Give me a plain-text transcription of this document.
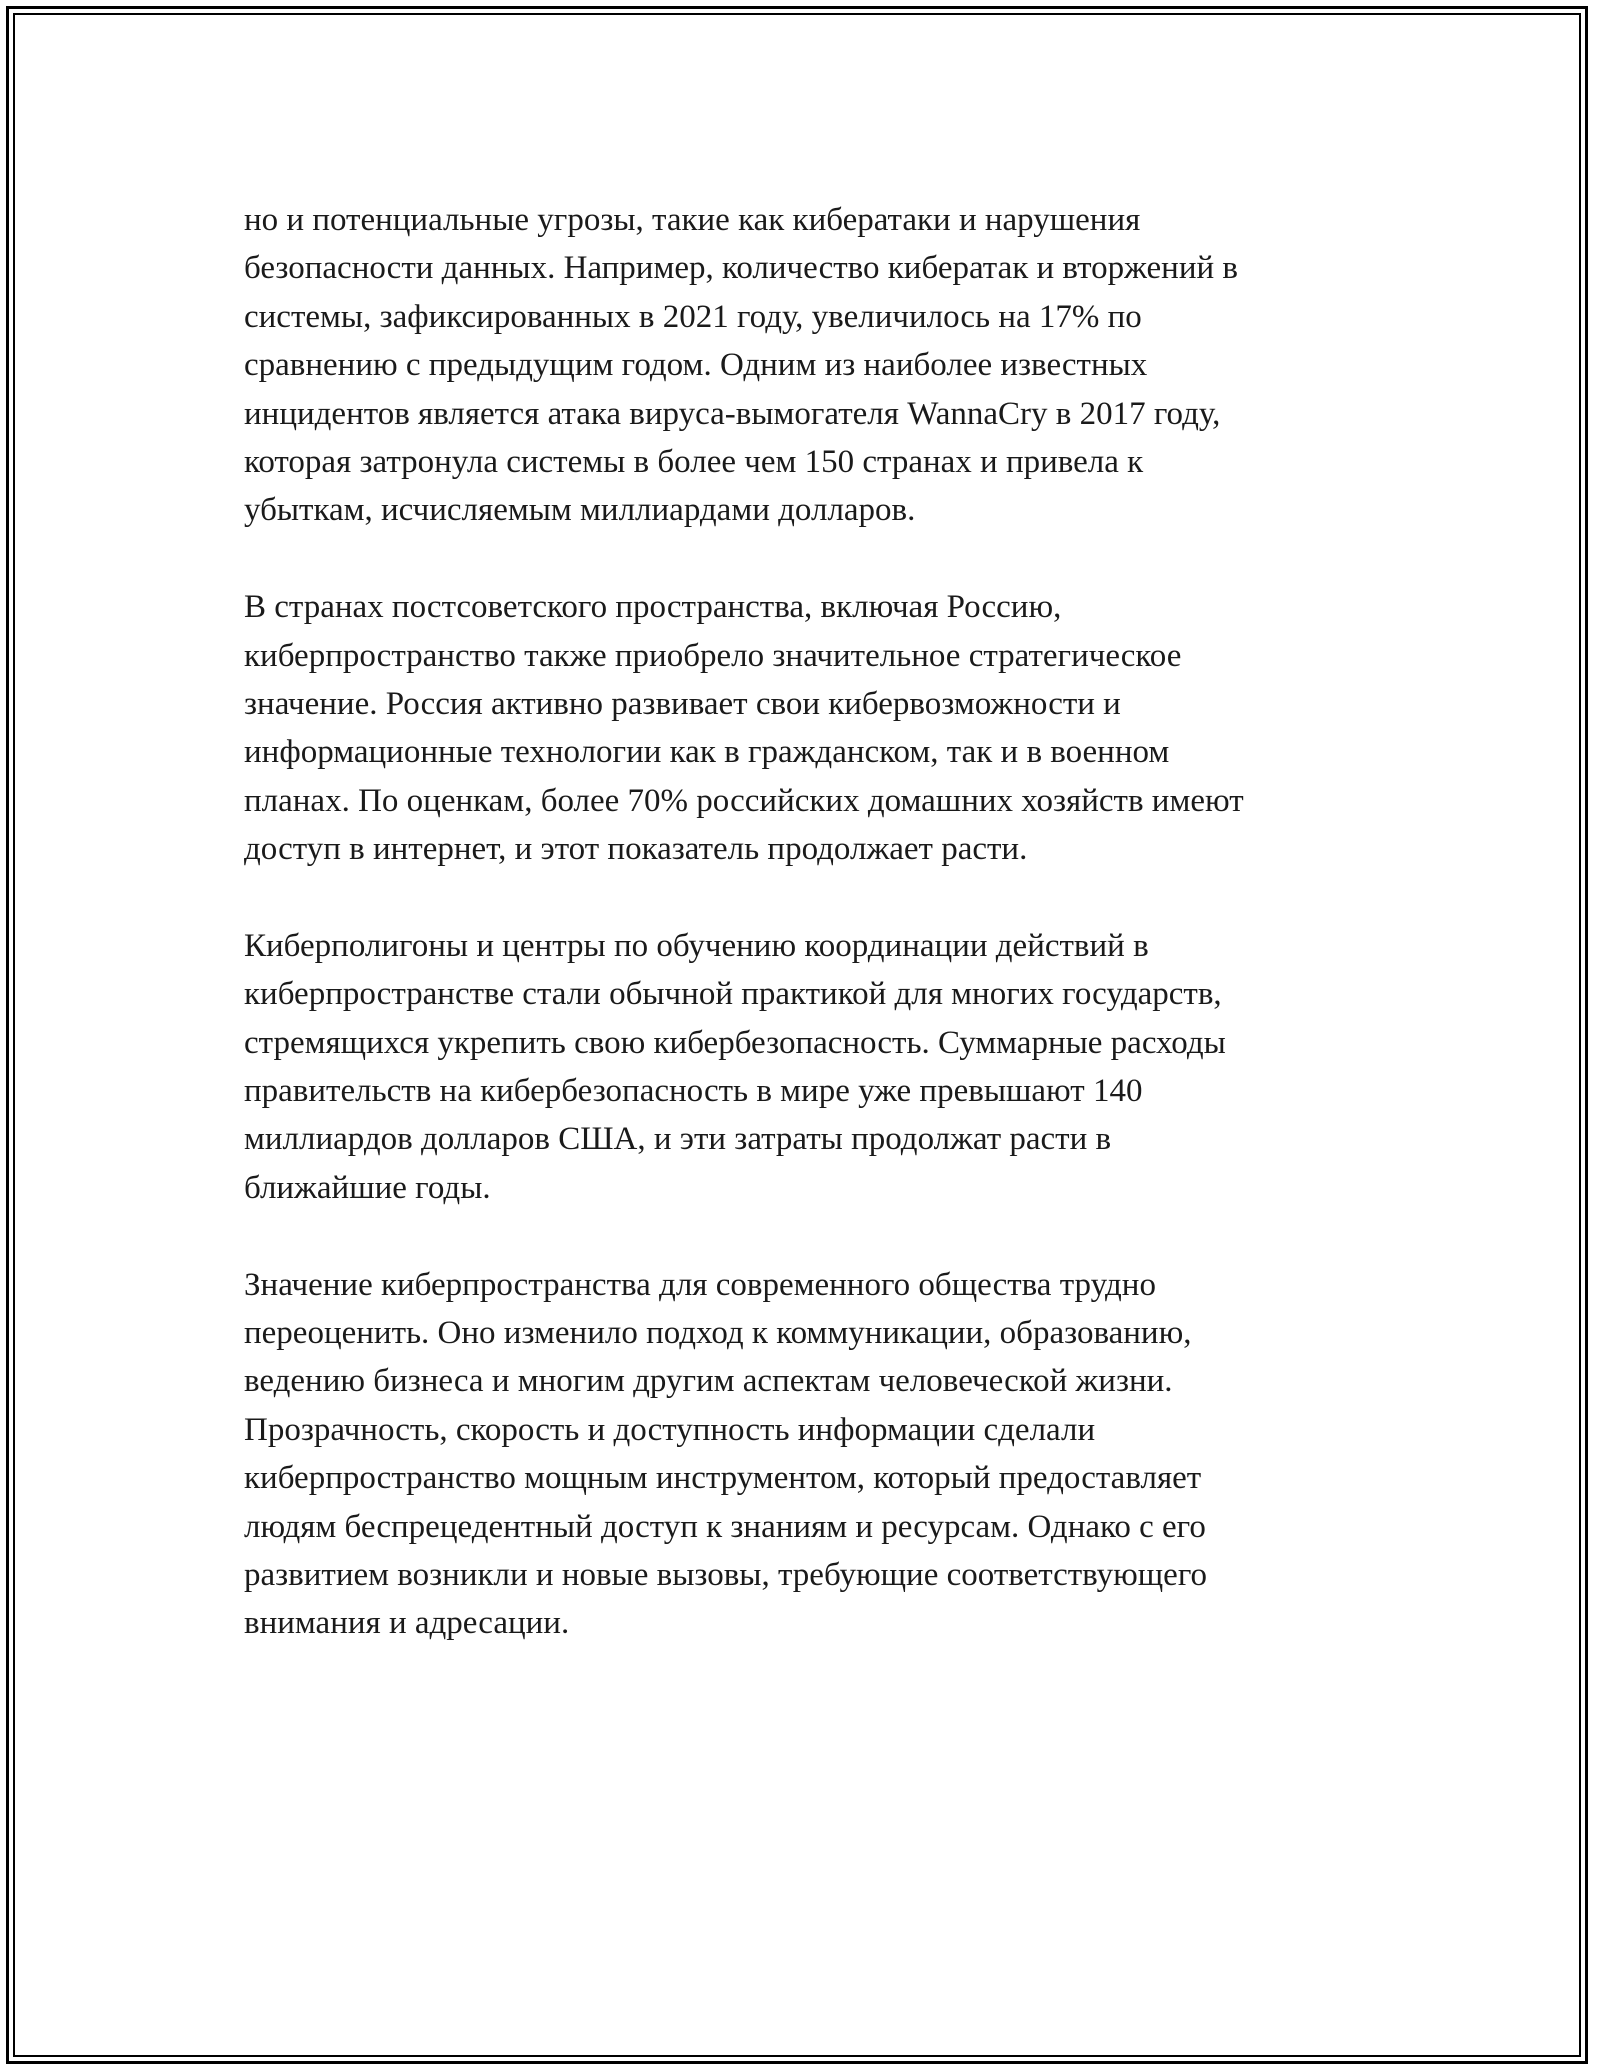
но и потенциальные угрозы, такие как кибератаки и нарушения
безопасности данных. Например, количество кибератак и вторжений в
системы, зафиксированных в 2021 году, увеличилось на 17% по
сравнению с предыдущим годом. Одним из наиболее известных
инцидентов является атака вируса-вымогателя WannaCry в 2017 году,
которая затронула системы в более чем 150 странах и привела к
убыткам, исчисляемым миллиардами долларов.

В странах постсоветского пространства, включая Россию,
киберпространство также приобрело значительное стратегическое
значение. Россия активно развивает свои кибервозможности и
информационные технологии как в гражданском, так и в военном
планах. По оценкам, более 70% российских домашних хозяйств имеют
доступ в интернет, и этот показатель продолжает расти.

Киберполигоны и центры по обучению координации действий в
киберпространстве стали обычной практикой для многих государств,
стремящихся укрепить свою кибербезопасность. Суммарные расходы
правительств на кибербезопасность в мире уже превышают 140
миллиардов долларов США, и эти затраты продолжат расти в
ближайшие годы.

Значение киберпространства для современного общества трудно
переоценить. Оно изменило подход к коммуникации, образованию,
ведению бизнеса и многим другим аспектам человеческой жизни.
Прозрачность, скорость и доступность информации сделали
киберпространство мощным инструментом, который предоставляет
людям беспрецедентный доступ к знаниям и ресурсам. Однако с его
развитием возникли и новые вызовы, требующие соответствующего
внимания и адресации.
